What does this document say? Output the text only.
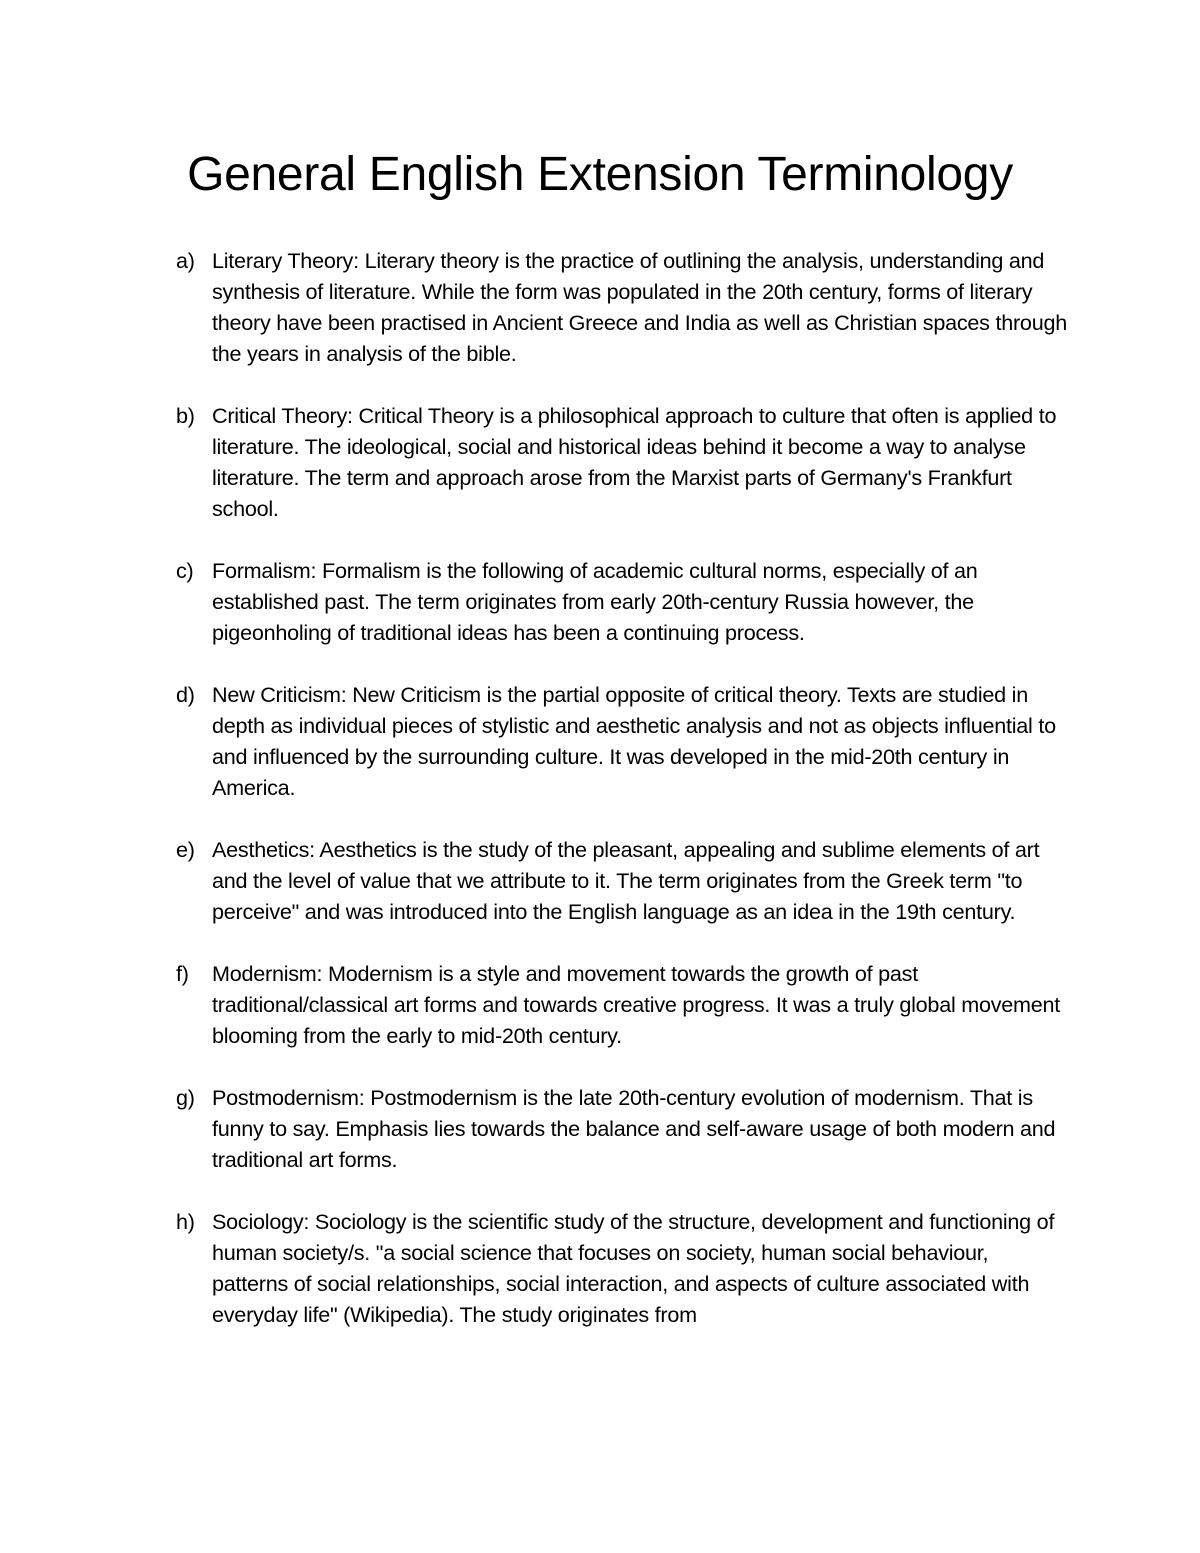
General English Extension Terminology
a) Literary Theory: Literary theory is the practice of outlining the analysis, understanding and synthesis of literature. While the form was populated in the 20th century, forms of literary theory have been practised in Ancient Greece and India as well as Christian spaces through the years in analysis of the bible.
b) Critical Theory: Critical Theory is a philosophical approach to culture that often is applied to literature. The ideological, social and historical ideas behind it become a way to analyse literature. The term and approach arose from the Marxist parts of Germany's Frankfurt school.
c) Formalism: Formalism is the following of academic cultural norms, especially of an established past. The term originates from early 20th-century Russia however, the pigeonholing of traditional ideas has been a continuing process.
d) New Criticism: New Criticism is the partial opposite of critical theory. Texts are studied in depth as individual pieces of stylistic and aesthetic analysis and not as objects influential to and influenced by the surrounding culture. It was developed in the mid-20th century in America.
e) Aesthetics: Aesthetics is the study of the pleasant, appealing and sublime elements of art and the level of value that we attribute to it. The term originates from the Greek term "to perceive" and was introduced into the English language as an idea in the 19th century.
f) Modernism: Modernism is a style and movement towards the growth of past traditional/classical art forms and towards creative progress. It was a truly global movement blooming from the early to mid-20th century.
g) Postmodernism: Postmodernism is the late 20th-century evolution of modernism. That is funny to say. Emphasis lies towards the balance and self-aware usage of both modern and traditional art forms.
h) Sociology: Sociology is the scientific study of the structure, development and functioning of human society/s. "a social science that focuses on society, human social behaviour, patterns of social relationships, social interaction, and aspects of culture associated with everyday life" (Wikipedia). The study originates from
